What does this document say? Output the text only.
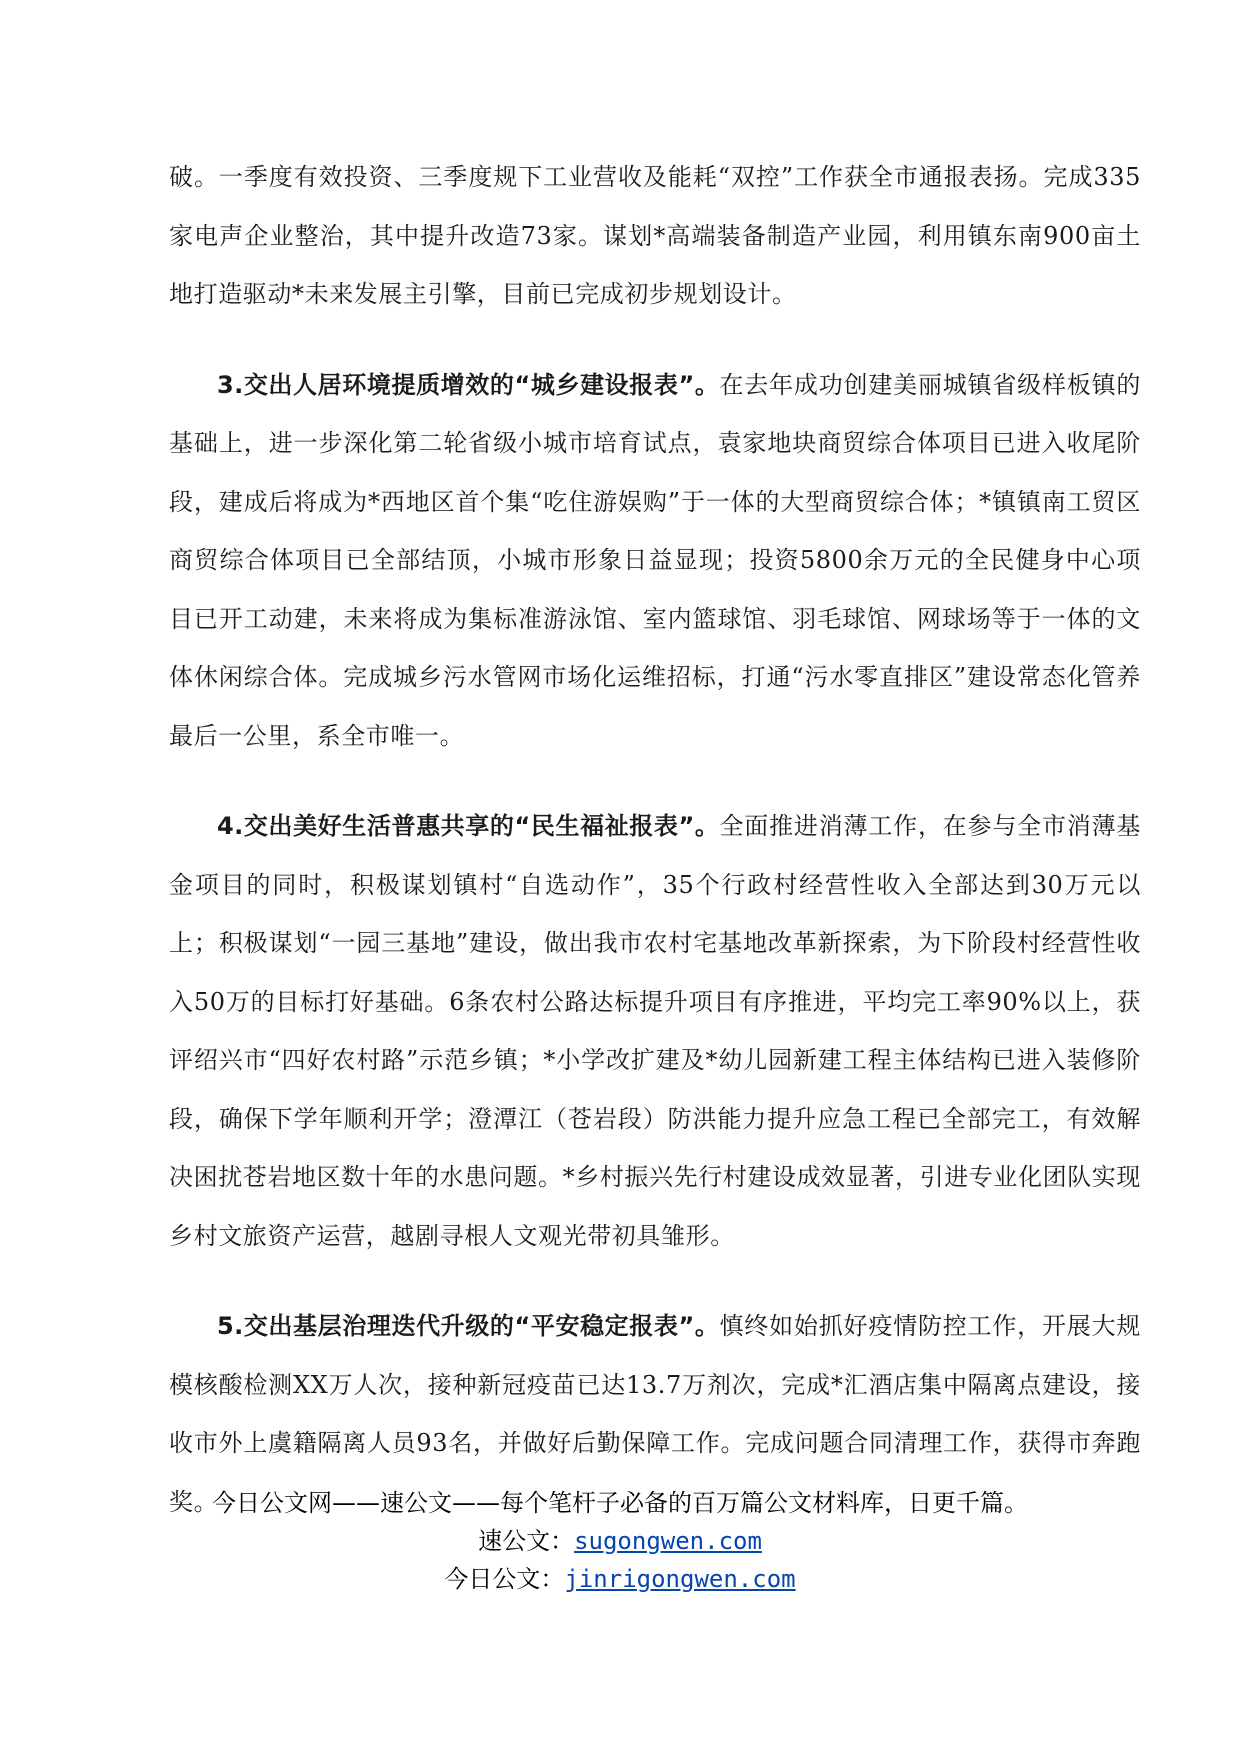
破。一季度有效投资、三季度规下工业营收及能耗“双控”工作获全市通报表扬。完成335家电声企业整治，其中提升改造73家。谋划*高端装备制造产业园，利用镇东南900亩土地打造驱动*未来发展主引擎，目前已完成初步规划设计。

3.交出人居环境提质增效的“城乡建设报表”。在去年成功创建美丽城镇省级样板镇的基础上，进一步深化第二轮省级小城市培育试点，袁家地块商贸综合体项目已进入收尾阶段，建成后将成为*西地区首个集“吃住游娱购”于一体的大型商贸综合体；*镇镇南工贸区商贸综合体项目已全部结顶，小城市形象日益显现；投资5800余万元的全民健身中心项目已开工动建，未来将成为集标准游泳馆、室内篮球馆、羽毛球馆、网球场等于一体的文体休闲综合体。完成城乡污水管网市场化运维招标，打通“污水零直排区”建设常态化管养最后一公里，系全市唯一。

4.交出美好生活普惠共享的“民生福祉报表”。全面推进消薄工作，在参与全市消薄基金项目的同时，积极谋划镇村“自选动作”，35个行政村经营性收入全部达到30万元以上；积极谋划“一园三基地”建设，做出我市农村宅基地改革新探索，为下阶段村经营性收入50万的目标打好基础。6条农村公路达标提升项目有序推进，平均完工率90%以上，获评绍兴市“四好农村路”示范乡镇；*小学改扩建及*幼儿园新建工程主体结构已进入装修阶段，确保下学年顺利开学；澄潭江（苍岩段）防洪能力提升应急工程已全部完工，有效解决困扰苍岩地区数十年的水患问题。*乡村振兴先行村建设成效显著，引进专业化团队实现乡村文旅资产运营，越剧寻根人文观光带初具雏形。

5.交出基层治理迭代升级的“平安稳定报表”。慎终如始抓好疫情防控工作，开展大规模核酸检测XX万人次，接种新冠疫苗已达13.7万剂次，完成*汇酒店集中隔离点建设，接收市外上虞籍隔离人员93名，并做好后勤保障工作。完成问题合同清理工作，获得市奔跑奖。

今日公文网——速公文——每个笔杆子必备的百万篇公文材料库，日更千篇。
速公文：sugongwen.com
今日公文：jinrigongwen.com
